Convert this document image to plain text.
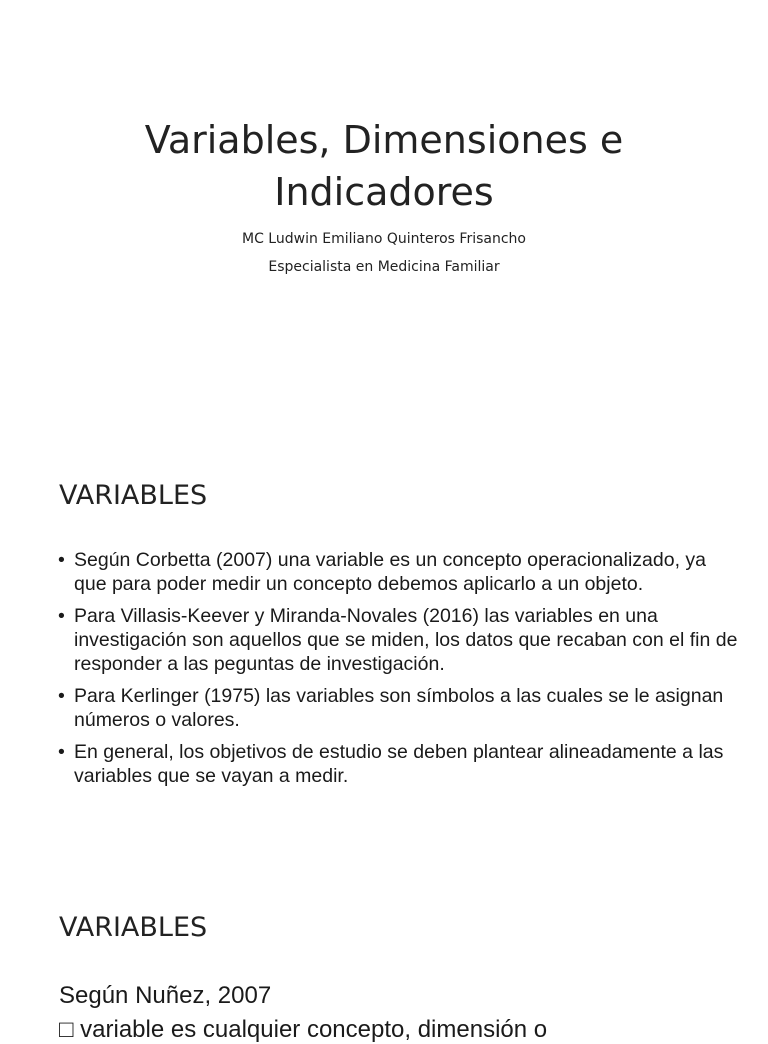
Variables, Dimensiones e
Indicadores

MC Ludwin Emiliano Quinteros Frisancho

Especialista en Medicina Familiar

VARIABLES
• Según Corbetta (2007) una variable es un concepto operacionalizado, ya que para poder medir un concepto debemos aplicarlo a un objeto.
• Para Villasis-Keever y Miranda-Novales (2016) las variables en una investigación son aquellos que se miden, los datos que recaban con el fin de responder a las peguntas de investigación.
• Para Kerlinger (1975) las variables son símbolos a las cuales se le asignan números o valores.
• En general, los objetivos de estudio se deben plantear alineadamente a las variables que se vayan a medir.
VARIABLES

Según Nuñez, 2007

□ variable es cualquier concepto, dimensión o
